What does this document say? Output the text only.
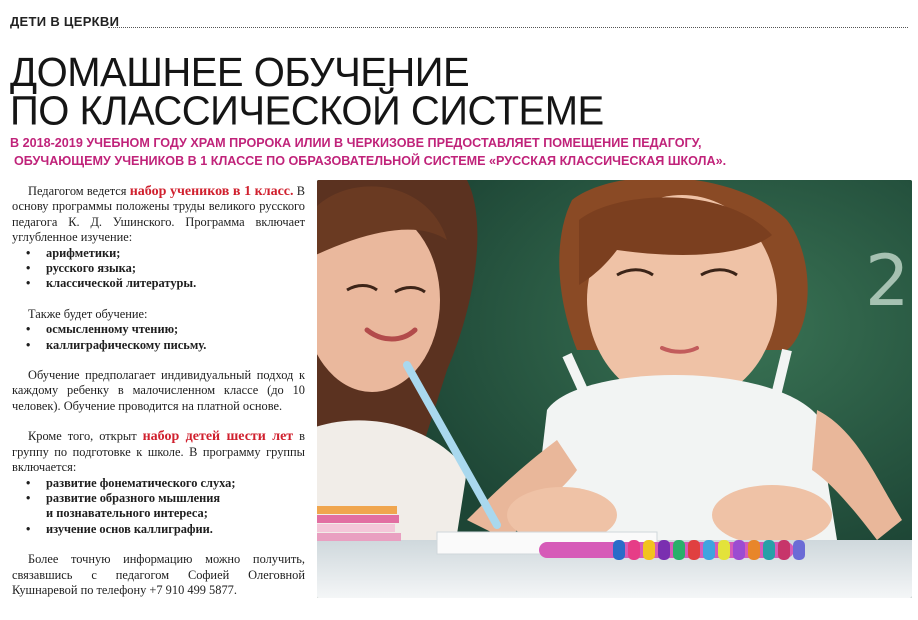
ДЕТИ В ЦЕРКВИ
ДОМАШНЕЕ ОБУЧЕНИЕ
ПО КЛАССИЧЕСКОЙ СИСТЕМЕ
В 2018-2019 УЧЕБНОМ ГОДУ ХРАМ ПРОРОКА ИЛИИ В ЧЕРКИЗОВЕ ПРЕДОСТАВЛЯЕТ ПОМЕЩЕНИЕ ПЕДАГОГУ,
ОБУЧАЮЩЕМУ УЧЕНИКОВ В 1 КЛАССЕ ПО ОБРАЗОВАТЕЛЬНОЙ СИСТЕМЕ «РУССКАЯ КЛАССИЧЕСКАЯ ШКОЛА».

Педагогом ведется набор учеников в 1 класс. В основу программы положены труды великого русского педагога К. Д. Ушинского. Программа включает углубленное изучение:

• арифметики;
• русского языка;
• классической литературы.

Также будет обучение:

• осмысленному чтению;
• каллиграфическому письму.

Обучение предполагает индивидуальный подход к каждому ребенку в малочисленном классе (до 10 человек). Обучение проводится на платной основе.

Кроме того, открыт набор детей шести лет в группу по подготовке к школе. В программу группы включается:

• развитие фонематического слуха;
• развитие образного мышления
и познавательного интереса;
• изучение основ каллиграфии.

Более точную информацию можно получить, связавшись с педагогом Софией Олеговной Кушнаревой по телефону +7 910 499 5877.

2
